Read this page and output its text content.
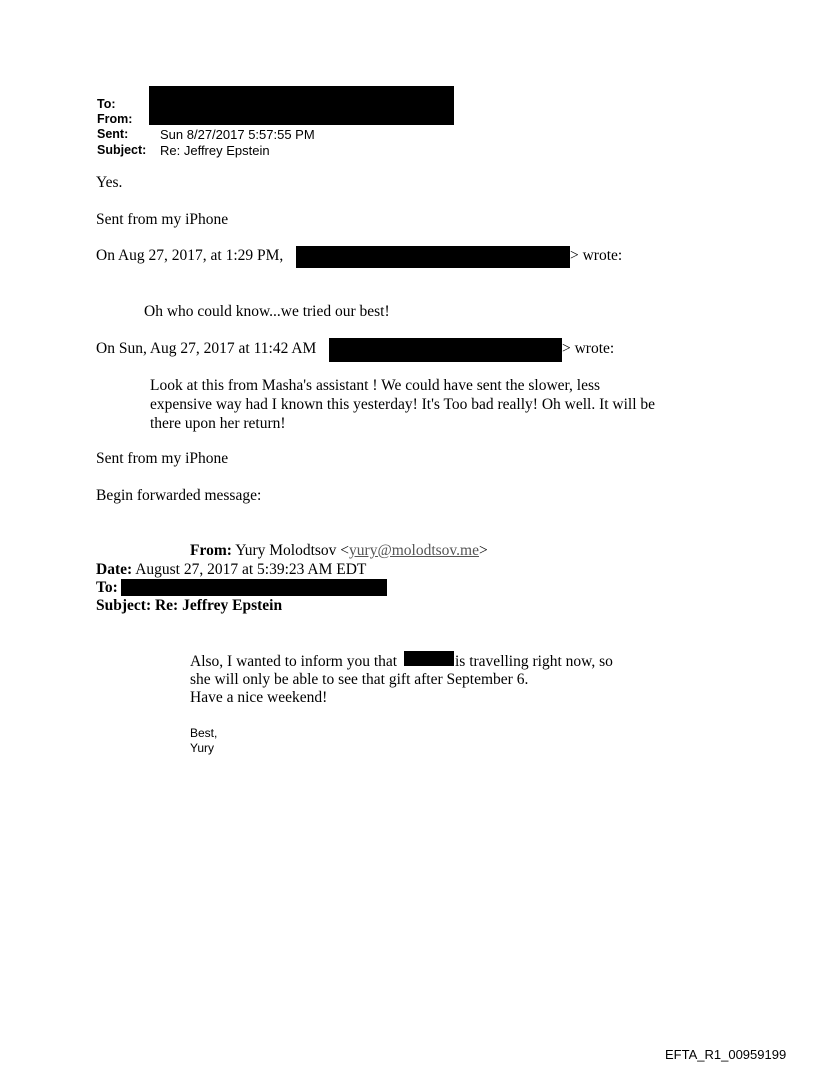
To:
From:
Sent: Sun 8/27/2017 5:57:55 PM
Subject: Re: Jeffrey Epstein
Yes.
Sent from my iPhone
On Aug 27, 2017, at 1:29 PM,	> wrote:
Oh who could know...we tried our best!
On Sun, Aug 27, 2017 at 11:42 AM	> wrote:
Look at this from Masha's assistant ! We could have sent the slower, less expensive way had I known this yesterday! It's Too bad really! Oh well. It will be there upon her return!
Sent from my iPhone
Begin forwarded message:
From: Yury Molodtsov <yury@molodtsov.me>
Date: August 27, 2017 at 5:39:23 AM EDT
To:
Subject: Re: Jeffrey Epstein
Also, I wanted to inform you that	is travelling right now, so
she will only be able to see that gift after September 6.
Have a nice weekend!
Best,
Yury
EFTA_R1_00959199
